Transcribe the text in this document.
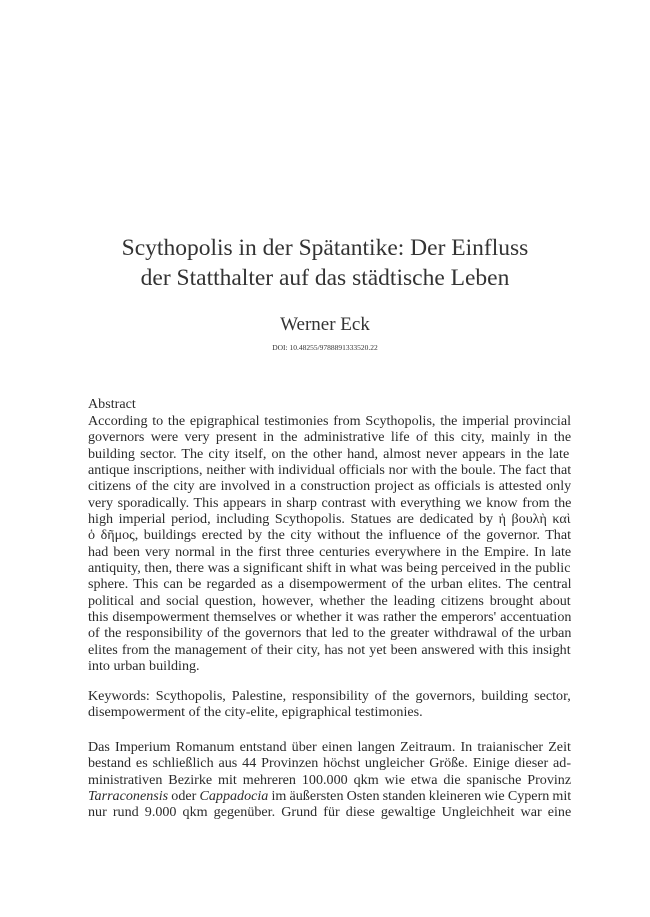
Scythopolis in der Spätantike: Der Einfluss
der Statthalter auf das städtische Leben
Werner Eck
DOI: 10.48255/9788891333520.22
Abstract
According to the epigraphical testimonies from Scythopolis, the imperial provincial
governors were very present in the administrative life of this city, mainly in the
building sector. The city itself, on the other hand, almost never appears in the late
antique inscriptions, neither with individual officials nor with the boule. The fact that
citizens of the city are involved in a construction project as officials is attested only
very sporadically. This appears in sharp contrast with everything we know from the
high imperial period, including Scythopolis. Statues are dedicated by ἡ βουλὴ καὶ
ὁ δῆμος, buildings erected by the city without the influence of the governor. That
had been very normal in the first three centuries everywhere in the Empire. In late
antiquity, then, there was a significant shift in what was being perceived in the public
sphere. This can be regarded as a disempowerment of the urban elites. The central
political and social question, however, whether the leading citizens brought about
this disempowerment themselves or whether it was rather the emperors' accentuation
of the responsibility of the governors that led to the greater withdrawal of the urban
elites from the management of their city, has not yet been answered with this insight
into urban building.
Keywords: Scythopolis, Palestine, responsibility of the governors, building sector,
disempowerment of the city-elite, epigraphical testimonies.
Das Imperium Romanum entstand über einen langen Zeitraum. In traianischer Zeit
bestand es schließlich aus 44 Provinzen höchst ungleicher Größe. Einige dieser ad-
ministrativen Bezirke mit mehreren 100.000 qkm wie etwa die spanische Provinz
Tarraconensis oder Cappadocia im äußersten Osten standen kleineren wie Cypern mit
nur rund 9.000 qkm gegenüber. Grund für diese gewaltige Ungleichheit war eine
